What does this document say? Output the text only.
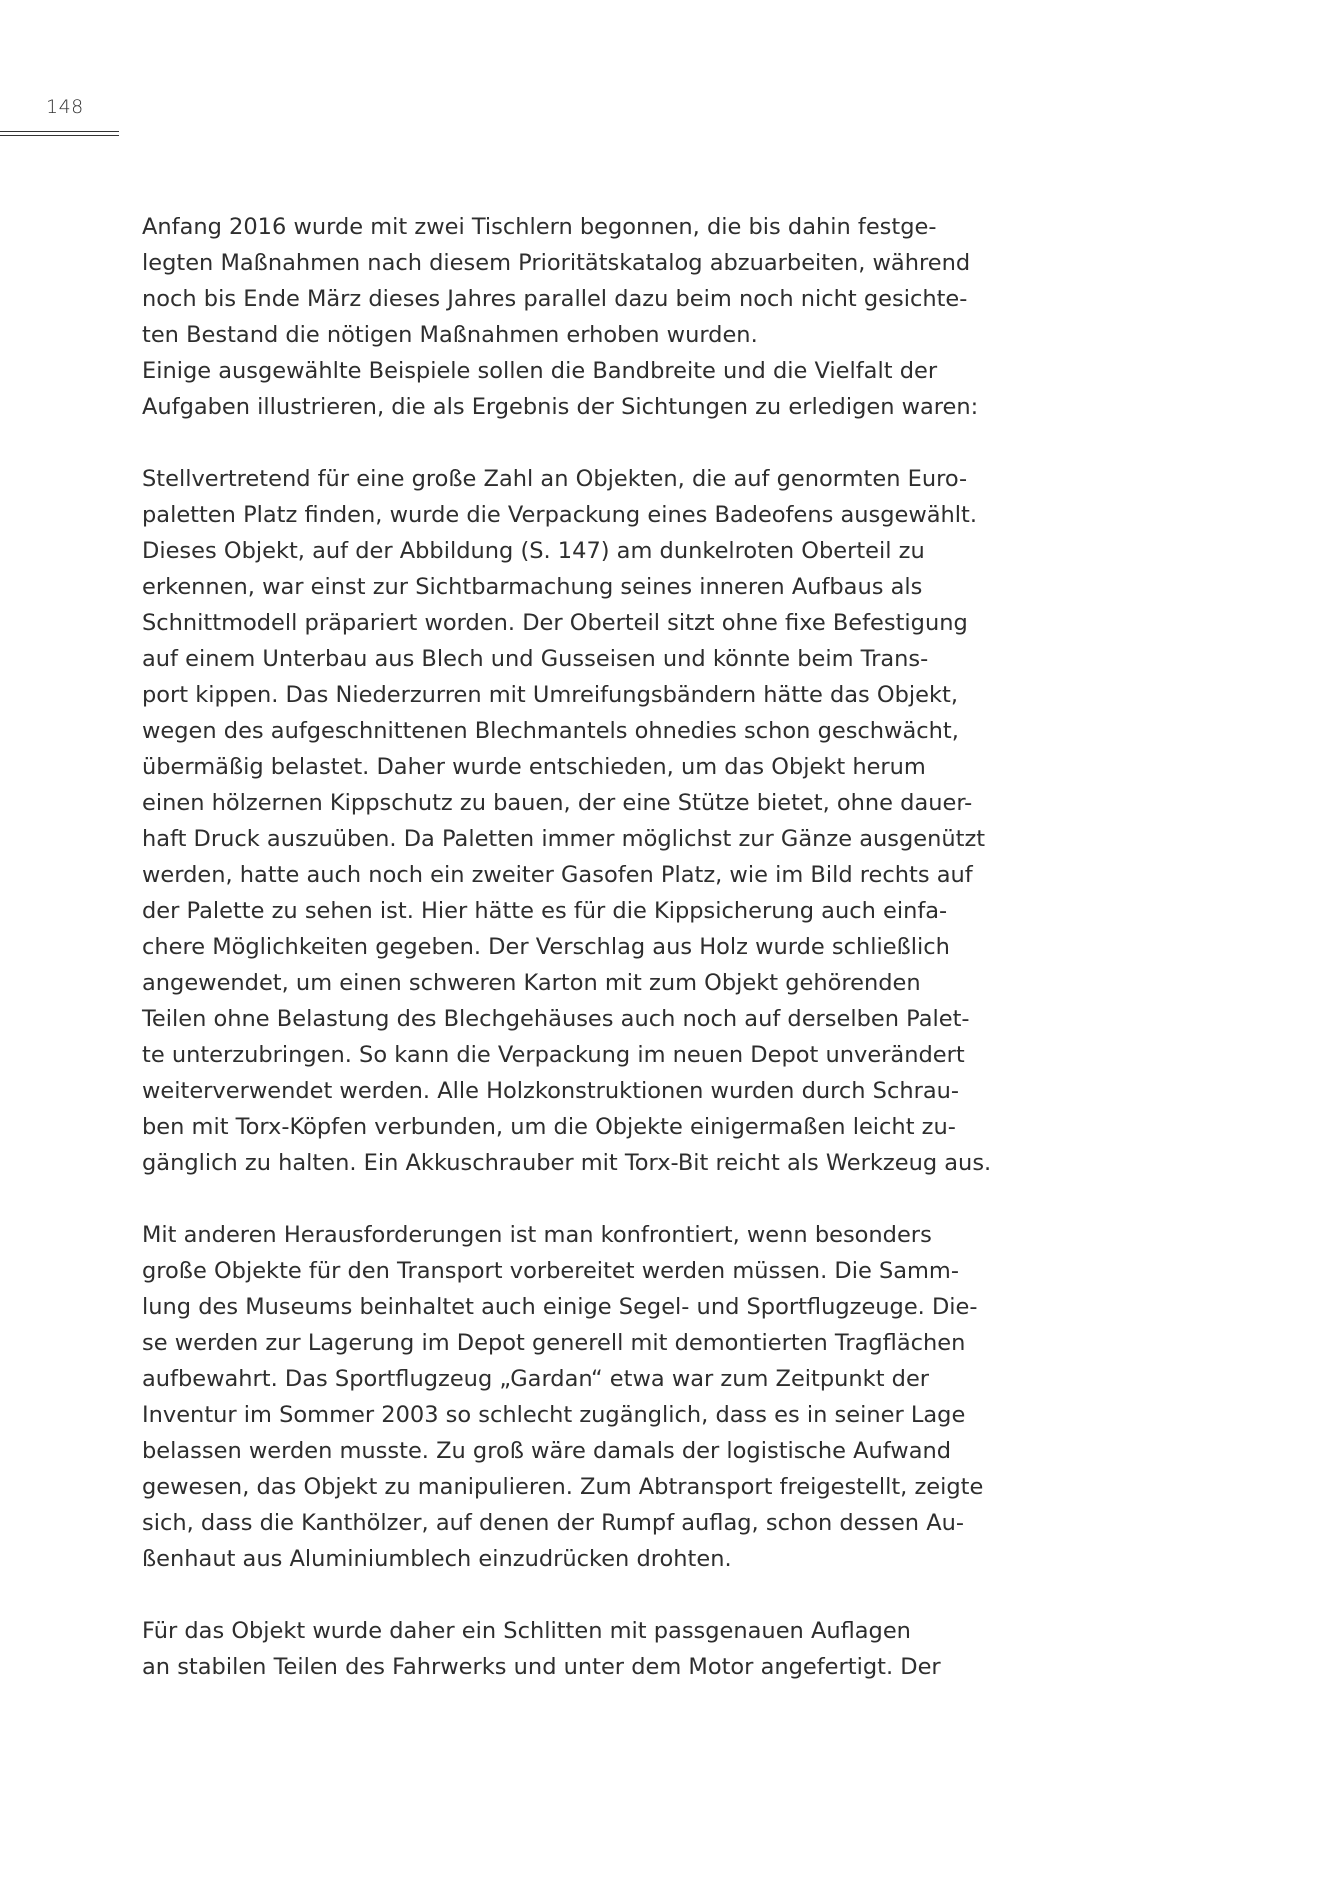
148
Anfang 2016 wurde mit zwei Tischlern begonnen, die bis dahin festge-
legten Maßnahmen nach diesem Prioritätskatalog abzuarbeiten, während
noch bis Ende März dieses Jahres parallel dazu beim noch nicht gesichte-
ten Bestand die nötigen Maßnahmen erhoben wurden.
Einige ausgewählte Beispiele sollen die Bandbreite und die Vielfalt der
Aufgaben illustrieren, die als Ergebnis der Sichtungen zu erledigen waren:
Stellvertretend für eine große Zahl an Objekten, die auf genormten Euro-
paletten Platz finden, wurde die Verpackung eines Badeofens ausgewählt.
Dieses Objekt, auf der Abbildung (S. 147) am dunkelroten Oberteil zu
erkennen, war einst zur Sichtbarmachung seines inneren Aufbaus als
Schnittmodell präpariert worden. Der Oberteil sitzt ohne fixe Befestigung
auf einem Unterbau aus Blech und Gusseisen und könnte beim Trans-
port kippen. Das Niederzurren mit Umreifungsbändern hätte das Objekt,
wegen des aufgeschnittenen Blechmantels ohnedies schon geschwächt,
übermäßig belastet. Daher wurde entschieden, um das Objekt herum
einen hölzernen Kippschutz zu bauen, der eine Stütze bietet, ohne dauer-
haft Druck auszuüben. Da Paletten immer möglichst zur Gänze ausgenützt
werden, hatte auch noch ein zweiter Gasofen Platz, wie im Bild rechts auf
der Palette zu sehen ist. Hier hätte es für die Kippsicherung auch einfa-
chere Möglichkeiten gegeben. Der Verschlag aus Holz wurde schließlich
angewendet, um einen schweren Karton mit zum Objekt gehörenden
Teilen ohne Belastung des Blechgehäuses auch noch auf derselben Palet-
te unterzubringen. So kann die Verpackung im neuen Depot unverändert
weiterverwendet werden. Alle Holzkonstruktionen wurden durch Schrau-
ben mit Torx-Köpfen verbunden, um die Objekte einigermaßen leicht zu-
gänglich zu halten. Ein Akkuschrauber mit Torx-Bit reicht als Werkzeug aus.
Mit anderen Herausforderungen ist man konfrontiert, wenn besonders
große Objekte für den Transport vorbereitet werden müssen. Die Samm-
lung des Museums beinhaltet auch einige Segel- und Sportflugzeuge. Die-
se werden zur Lagerung im Depot generell mit demontierten Tragflächen
aufbewahrt. Das Sportflugzeug „Gardan“ etwa war zum Zeitpunkt der
Inventur im Sommer 2003 so schlecht zugänglich, dass es in seiner Lage
belassen werden musste. Zu groß wäre damals der logistische Aufwand
gewesen, das Objekt zu manipulieren. Zum Abtransport freigestellt, zeigte
sich, dass die Kanthölzer, auf denen der Rumpf auflag, schon dessen Au-
ßenhaut aus Aluminiumblech einzudrücken drohten.
Für das Objekt wurde daher ein Schlitten mit passgenauen Auflagen
an stabilen Teilen des Fahrwerks und unter dem Motor angefertigt. Der
